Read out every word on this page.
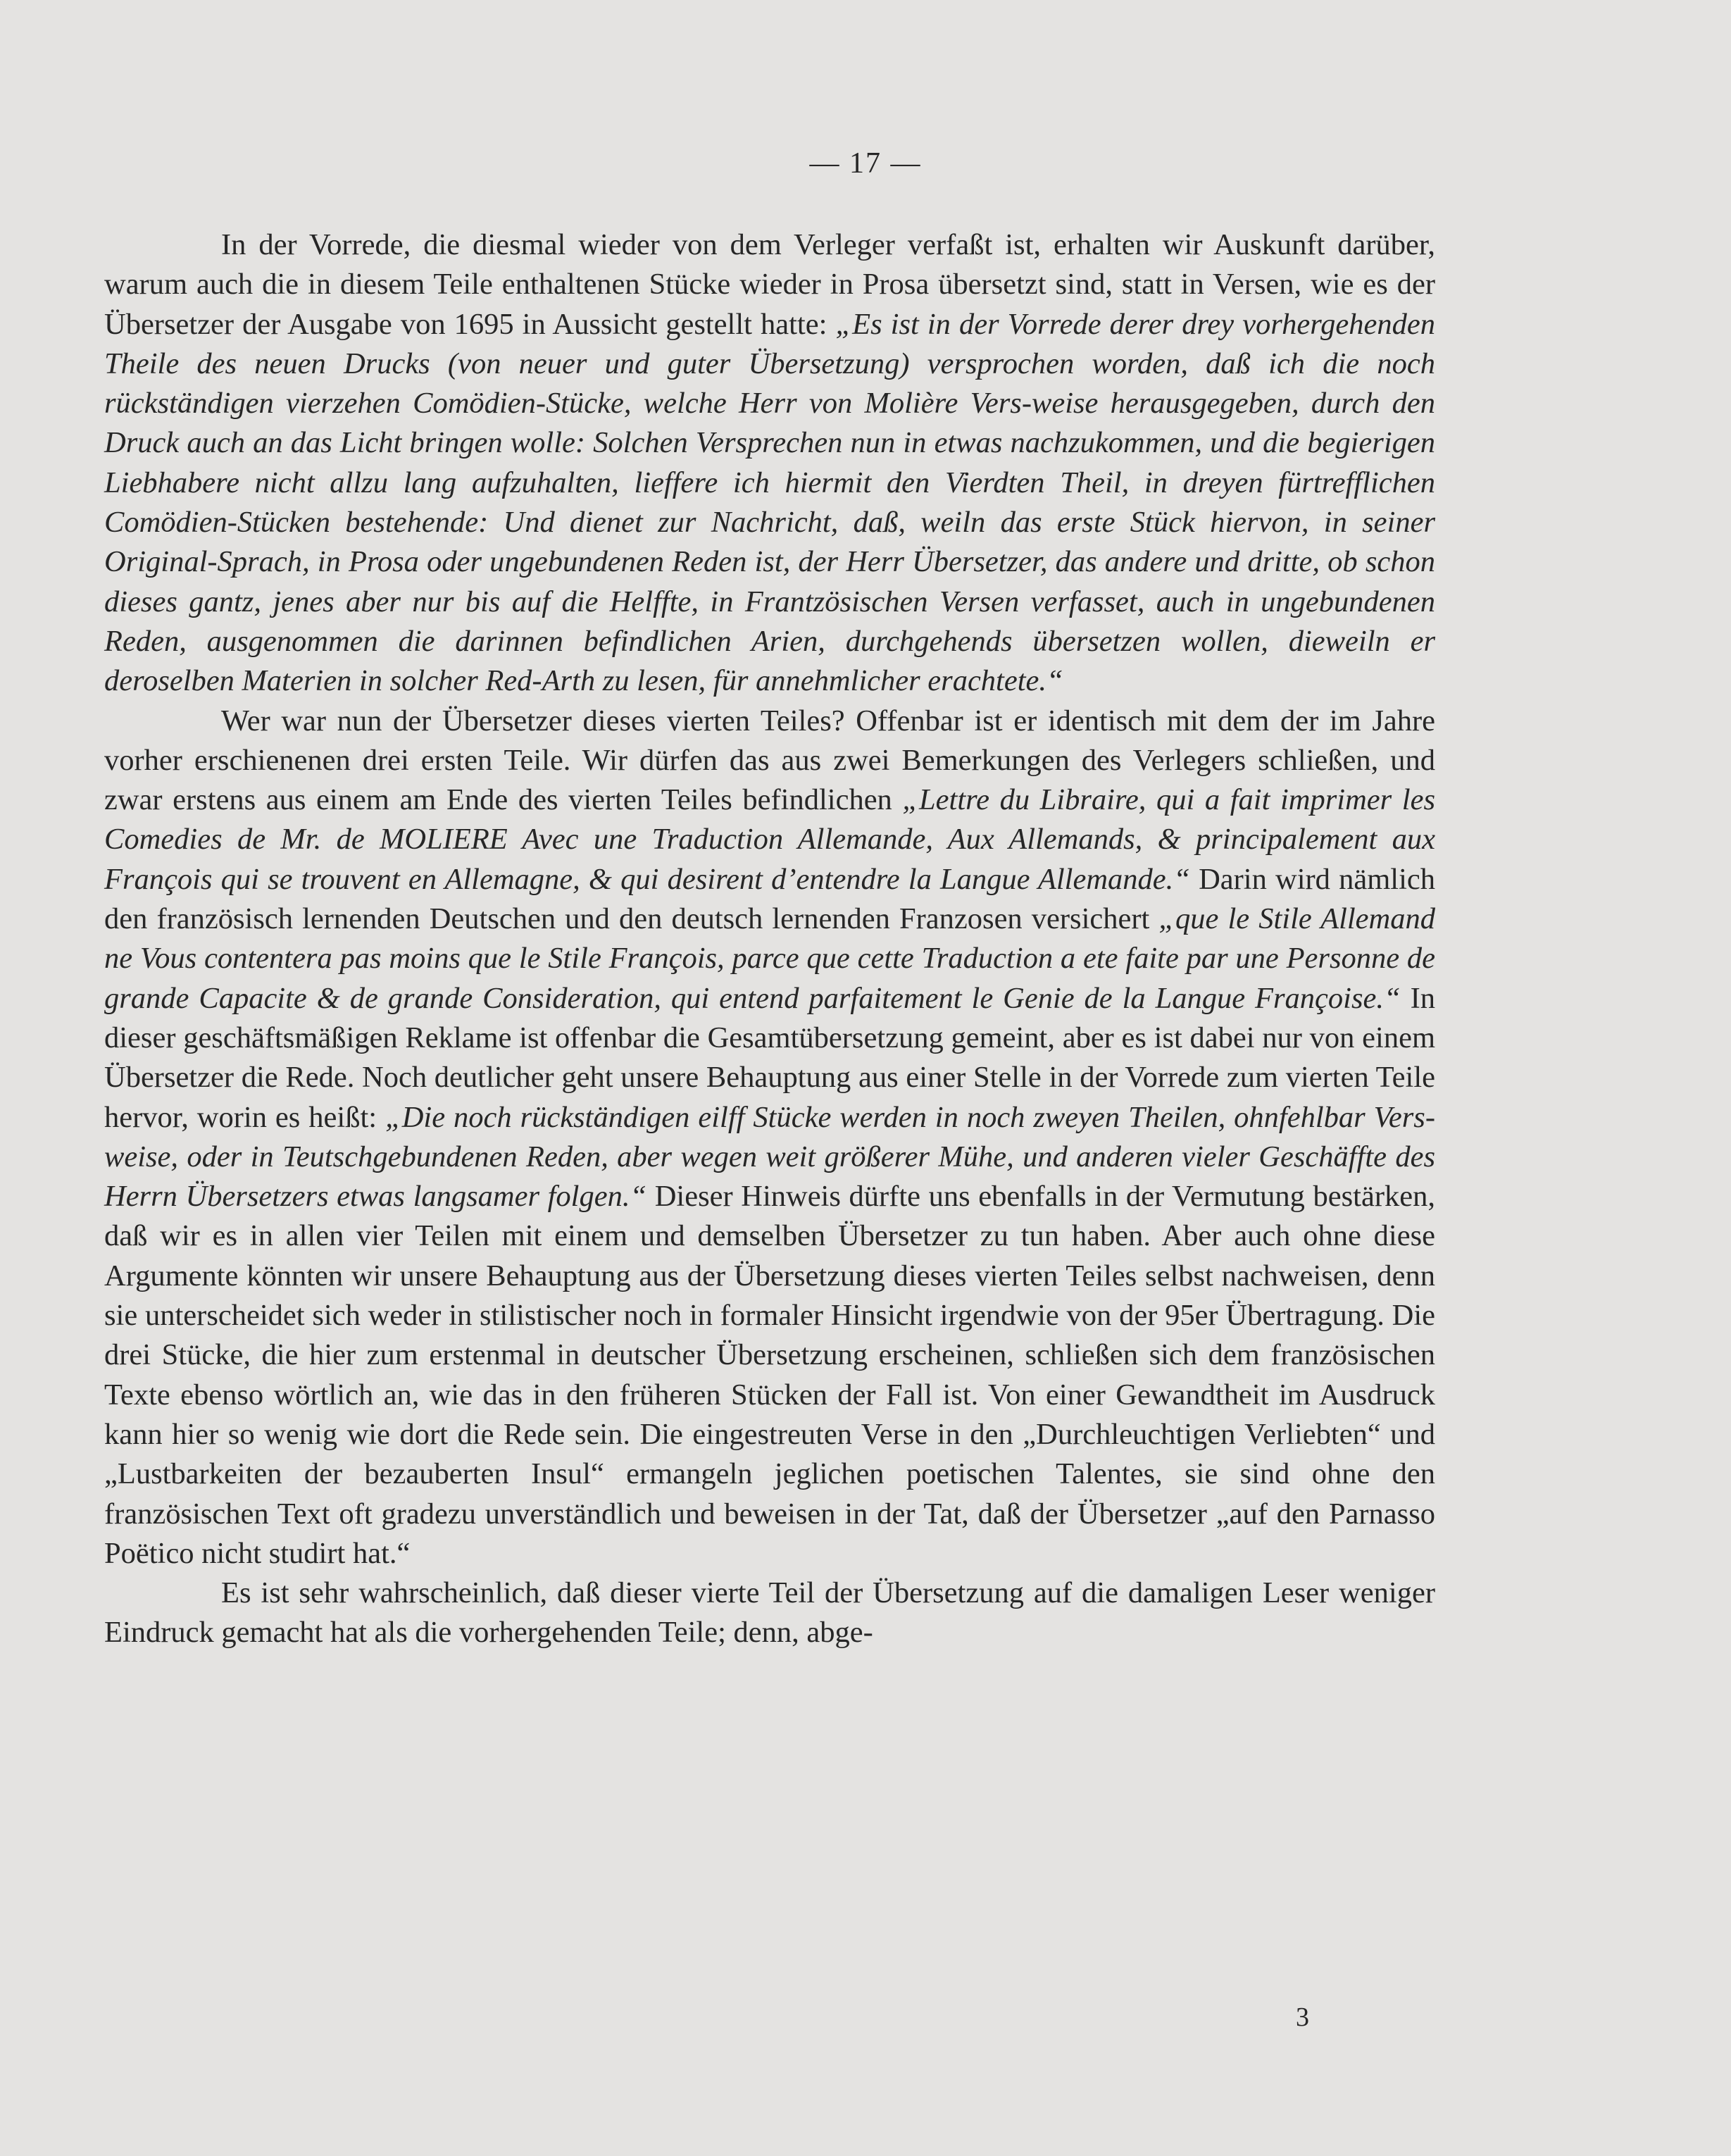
— 17 —

In der Vorrede, die diesmal wieder von dem Verleger verfaßt ist, erhalten wir Auskunft darüber, warum auch die in diesem Teile enthaltenen Stücke wieder in Prosa übersetzt sind, statt in Versen, wie es der Übersetzer der Ausgabe von 1695 in Aussicht gestellt hatte: „Es ist in der Vorrede derer drey vorhergehenden Theile des neuen Drucks (von neuer und guter Übersetzung) versprochen worden, daß ich die noch rückständigen vierzehen Comödien-Stücke, welche Herr von Molière Vers-weise herausgegeben, durch den Druck auch an das Licht bringen wolle: Solchen Versprechen nun in etwas nachzukommen, und die begierigen Liebhabere nicht allzu lang aufzuhalten, lieffere ich hiermit den Vierdten Theil, in dreyen fürtrefflichen Comödien-Stücken bestehende: Und dienet zur Nachricht, daß, weiln das erste Stück hiervon, in seiner Original-Sprach, in Prosa oder ungebundenen Reden ist, der Herr Übersetzer, das andere und dritte, ob schon dieses gantz, jenes aber nur bis auf die Helffte, in Frantzösischen Versen verfasset, auch in ungebundenen Reden, ausgenommen die darinnen befindlichen Arien, durchgehends übersetzen wollen, dieweiln er deroselben Materien in solcher Red-Arth zu lesen, für annehmlicher erachtete.“

Wer war nun der Übersetzer dieses vierten Teiles? Offenbar ist er identisch mit dem der im Jahre vorher erschienenen drei ersten Teile. Wir dürfen das aus zwei Bemerkungen des Verlegers schließen, und zwar erstens aus einem am Ende des vierten Teiles befindlichen „Lettre du Libraire, qui a fait imprimer les Comedies de Mr. de MOLIERE Avec une Traduction Allemande, Aux Allemands, & principalement aux François qui se trouvent en Allemagne, & qui desirent d’entendre la Langue Allemande.“ Darin wird nämlich den französisch lernenden Deutschen und den deutsch lernenden Franzosen versichert „que le Stile Allemand ne Vous contentera pas moins que le Stile François, parce que cette Traduction a ete faite par une Personne de grande Capacite & de grande Consideration, qui entend parfaitement le Genie de la Langue Françoise.“ In dieser geschäftsmäßigen Reklame ist offenbar die Gesamtübersetzung gemeint, aber es ist dabei nur von einem Übersetzer die Rede. Noch deutlicher geht unsere Behauptung aus einer Stelle in der Vorrede zum vierten Teile hervor, worin es heißt: „Die noch rückständigen eilff Stücke werden in noch zweyen Theilen, ohnfehlbar Vers-weise, oder in Teutschgebundenen Reden, aber wegen weit größerer Mühe, und anderen vieler Geschäffte des Herrn Übersetzers etwas langsamer folgen.“ Dieser Hinweis dürfte uns ebenfalls in der Vermutung bestärken, daß wir es in allen vier Teilen mit einem und demselben Übersetzer zu tun haben. Aber auch ohne diese Argumente könnten wir unsere Behauptung aus der Übersetzung dieses vierten Teiles selbst nachweisen, denn sie unterscheidet sich weder in stilistischer noch in formaler Hinsicht irgendwie von der 95er Übertragung. Die drei Stücke, die hier zum erstenmal in deutscher Übersetzung erscheinen, schließen sich dem französischen Texte ebenso wörtlich an, wie das in den früheren Stücken der Fall ist. Von einer Gewandtheit im Ausdruck kann hier so wenig wie dort die Rede sein. Die eingestreuten Verse in den „Durchleuchtigen Verliebten“ und „Lustbarkeiten der bezauberten Insul“ ermangeln jeglichen poetischen Talentes, sie sind ohne den französischen Text oft gradezu unverständlich und beweisen in der Tat, daß der Übersetzer „auf den Parnasso Poëtico nicht studirt hat.“

Es ist sehr wahrscheinlich, daß dieser vierte Teil der Übersetzung auf die damaligen Leser weniger Eindruck gemacht hat als die vorhergehenden Teile; denn, abge-

3
